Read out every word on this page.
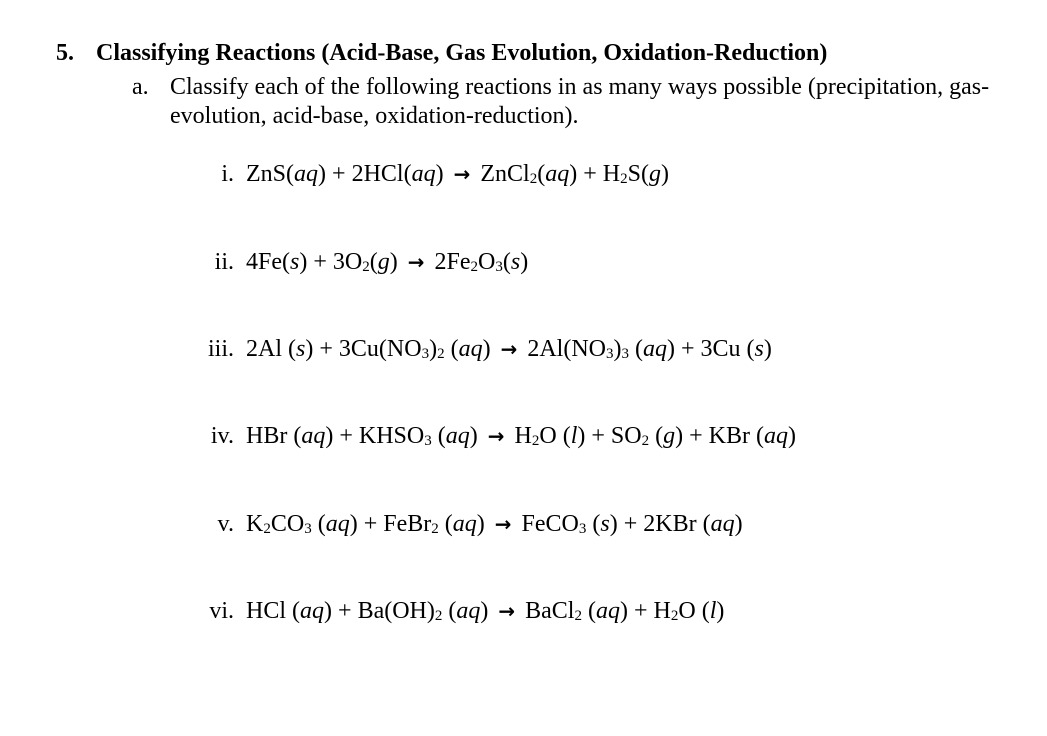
5. Classifying Reactions (Acid-Base, Gas Evolution, Oxidation-Reduction)
a. Classify each of the following reactions in as many ways possible (precipitation, gas-evolution, acid-base, oxidation-reduction).
i. ZnS(aq) + 2HCl(aq) → ZnCl$_2$(aq) + $H_2S(g)$
ii. $4Fe(s) + 3O_2(g) \to 2Fe_2O_3(s)$
iii. 2Al $(s) + 3Cu(NO_3)_2$ $(aq) \to 2Al(NO_3)_3$ (aq) + 3Cu (s)
iv. HBr $(aq) + KHSO_3$ $(aq) \to H_2O$ $(l) + SO_2$ (g) + KBr (aq)
v. $K_2CO_3$ (aq) + FeBr$_2$ (aq) → FeCO$_3$ (s) + 2KBr (aq)
vi. HCl $(aq) + Ba(OH)_2$ (aq) → BaCl$_2$ $(aq) + H_2O$ (l)
